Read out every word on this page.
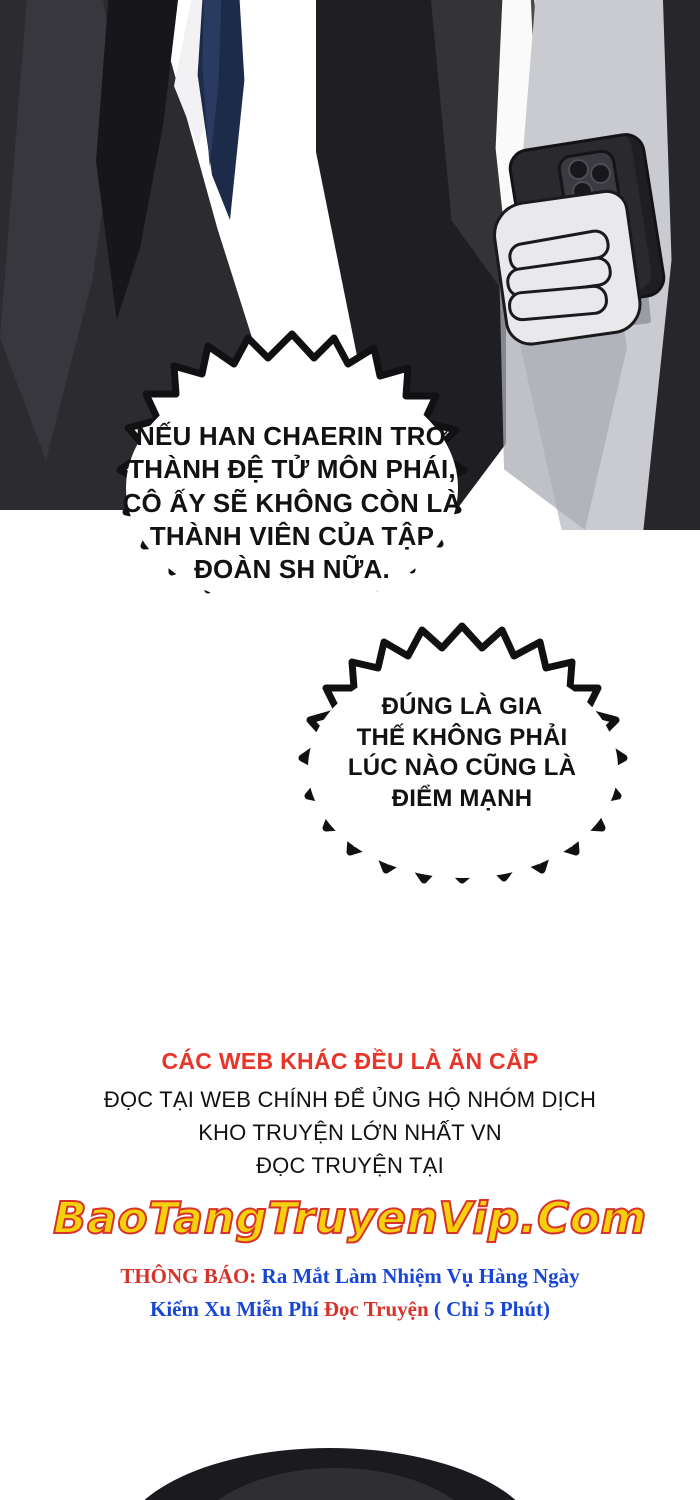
NẾU HAN CHAERIN TRỞ
THÀNH ĐỆ TỬ MÔN PHÁI,
CÔ ẤY SẼ KHÔNG CÒN LÀ
THÀNH VIÊN CỦA TẬP
ĐOÀN SH NỮA.
ĐÚNG LÀ GIA
THẾ KHÔNG PHẢI
LÚC NÀO CŨNG LÀ
ĐIỂM MẠNH
CÁC WEB KHÁC ĐỀU LÀ ĂN CẮP
ĐỌC TẠI WEB CHÍNH ĐỂ ỦNG HỘ NHÓM DỊCH
KHO TRUYỆN LỚN NHẤT VN
ĐỌC TRUYỆN TẠI
BaoTangTruyenVip.Com
THÔNG BÁO: Ra Mắt Làm Nhiệm Vụ Hàng Ngày
Kiếm Xu Miễn Phí Đọc Truyện ( Chỉ 5 Phút)
